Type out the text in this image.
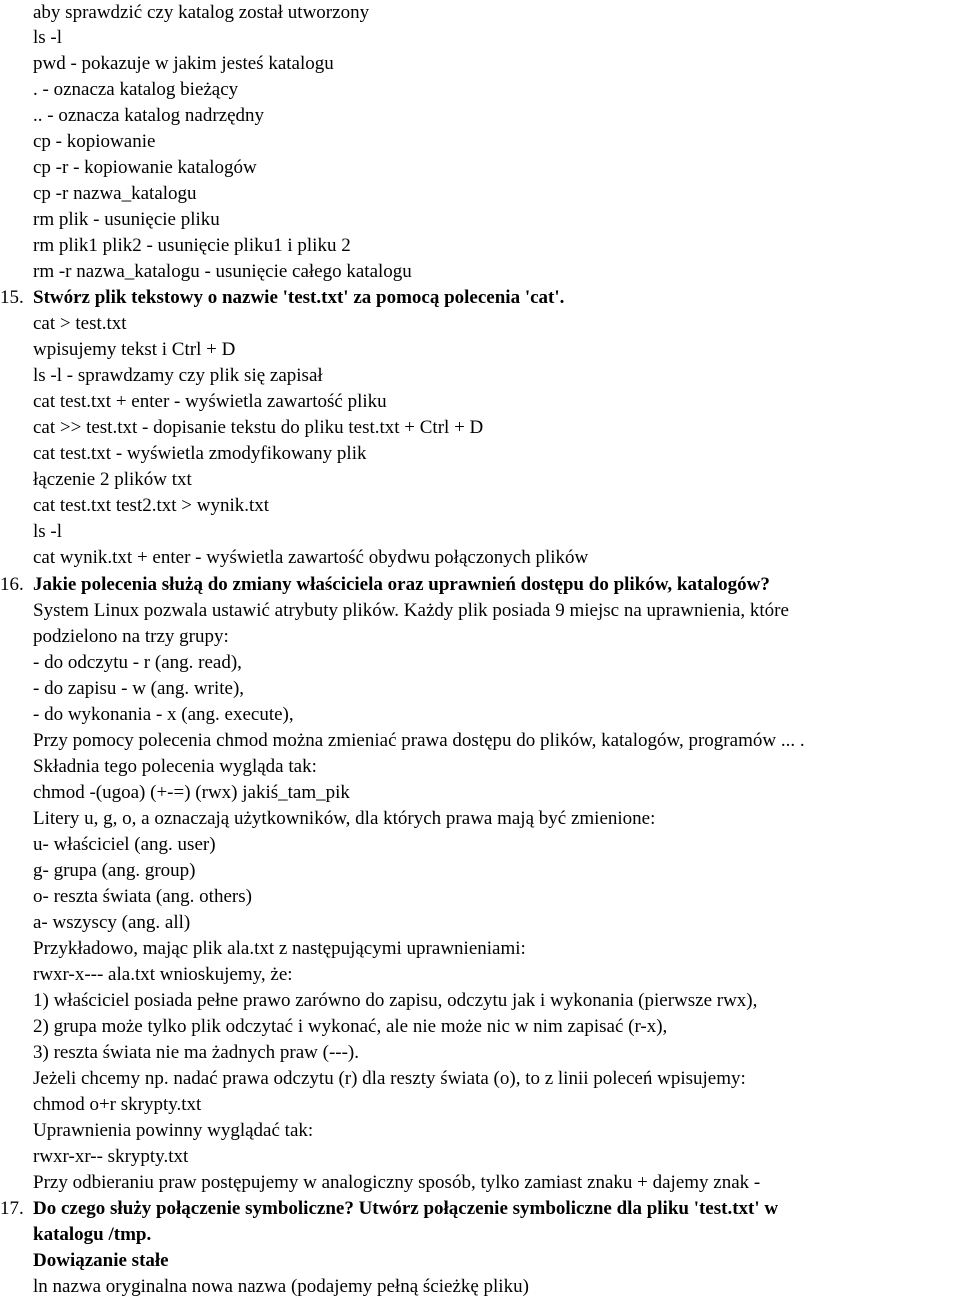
aby sprawdzić czy katalog został utworzony
ls -l
pwd - pokazuje w jakim jesteś katalogu
. - oznacza katalog bieżący
.. - oznacza katalog nadrzędny
cp - kopiowanie
cp -r - kopiowanie katalogów
cp -r nazwa_katalogu
rm plik - usunięcie pliku
rm plik1 plik2 - usunięcie pliku1 i pliku 2
rm -r nazwa_katalogu - usunięcie całego katalogu
15. Stwórz plik tekstowy o nazwie 'test.txt' za pomocą polecenia 'cat'.
cat > test.txt
wpisujemy tekst i Ctrl + D
ls -l - sprawdzamy czy plik się zapisał
cat test.txt + enter - wyświetla zawartość pliku
cat >> test.txt - dopisanie tekstu do pliku test.txt + Ctrl + D
cat test.txt - wyświetla zmodyfikowany plik
łączenie 2 plików txt
cat test.txt test2.txt > wynik.txt
ls -l
cat wynik.txt + enter - wyświetla zawartość obydwu połączonych plików
16. Jakie polecenia służą do zmiany właściciela oraz uprawnień dostępu do plików, katalogów?
System Linux pozwala ustawić atrybuty plików. Każdy plik posiada 9 miejsc na uprawnienia, które
podzielono na trzy grupy:
- do odczytu - r (ang. read),
- do zapisu - w (ang. write),
- do wykonania - x (ang. execute),
Przy pomocy polecenia chmod można zmieniać prawa dostępu do plików, katalogów, programów ... .
Składnia tego polecenia wygląda tak:
chmod -(ugoa) (+-=) (rwx) jakiś_tam_pik
Litery u, g, o, a oznaczają użytkowników, dla których prawa mają być zmienione:
u- właściciel (ang. user)
g- grupa (ang. group)
o- reszta świata (ang. others)
a- wszyscy (ang. all)
Przykładowo, mając plik ala.txt z następującymi uprawnieniami:
rwxr-x--- ala.txt wnioskujemy, że:
1) właściciel posiada pełne prawo zarówno do zapisu, odczytu jak i wykonania (pierwsze rwx),
2) grupa może tylko plik odczytać i wykonać, ale nie może nic w nim zapisać (r-x),
3) reszta świata nie ma żadnych praw (---).
Jeżeli chcemy np. nadać prawa odczytu (r) dla reszty świata (o), to z linii poleceń wpisujemy:
chmod o+r skrypty.txt
Uprawnienia powinny wyglądać tak:
rwxr-xr-- skrypty.txt
Przy odbieraniu praw postępujemy w analogiczny sposób, tylko zamiast znaku + dajemy znak -
17. Do czego służy połączenie symboliczne? Utwórz połączenie symboliczne dla pliku 'test.txt' w
katalogu /tmp.
Dowiązanie stałe
ln nazwa oryginalna nowa nazwa (podajemy pełną ścieżkę pliku)
